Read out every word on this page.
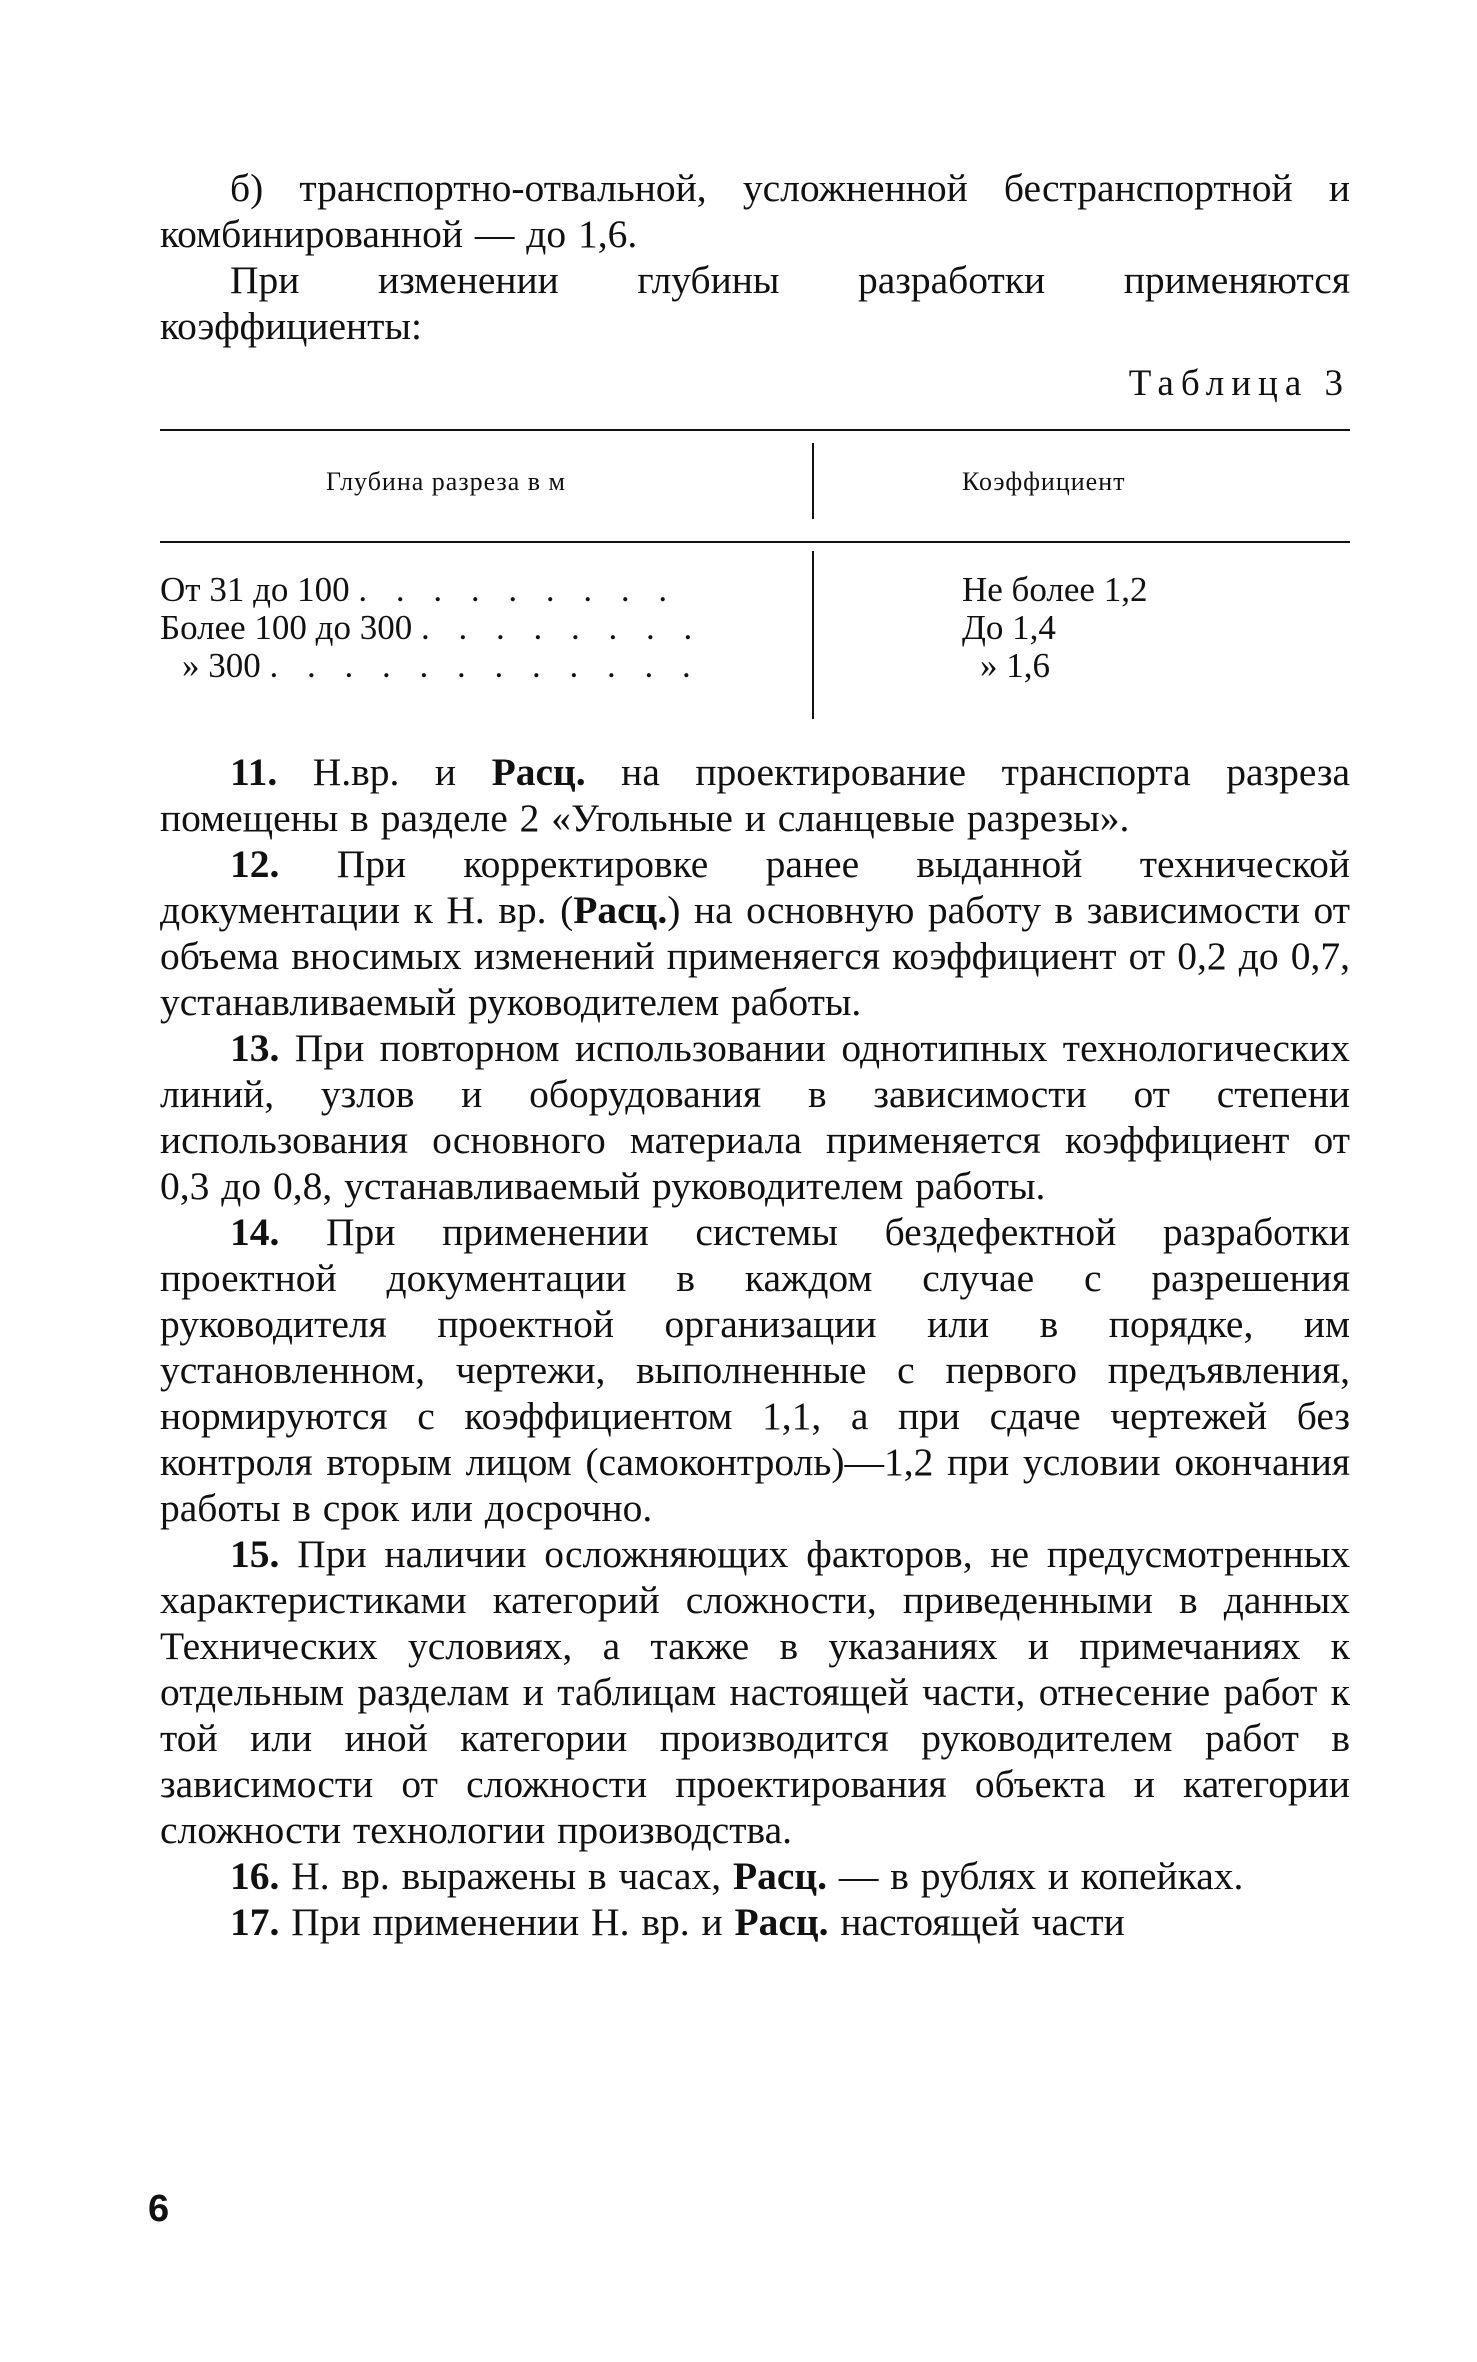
б) транспортно-отвальной, усложненной бестранспортной и комбинированной — до 1,6.

При изменении глубины разработки применяются коэффициенты:

Таблица 3
Глубина разреза в м	Коэффициент
От 31 до 100 . . . . . . . . .	Не более 1,2
Более 100 до 300 . . . . . . . .	До 1,4
» 300 . . . . . . . . . . . .	» 1,6

11. Н.вр. и Расц. на проектирование транспорта разреза помещены в разделе 2 «Угольные и сланцевые разрезы».

12. При корректировке ранее выданной технической документации к Н. вр. (Расц.) на основную работу в зависимости от объема вносимых изменений применяегся коэффициент от 0,2 до 0,7, устанавливаемый руководителем работы.

13. При повторном использовании однотипных технологических линий, узлов и оборудования в зависимости от степени использования основного материала применяется коэффициент от 0,3 до 0,8, устанавливаемый руководителем работы.

14. При применении системы бездефектной разработки проектной документации в каждом случае с разрешения руководителя проектной организации или в порядке, им установленном, чертежи, выполненные с первого предъявления, нормируются с коэффициентом 1,1, а при сдаче чертежей без контроля вторым лицом (самоконтроль)—1,2 при условии окончания работы в срок или досрочно.

15. При наличии осложняющих факторов, не предусмотренных характеристиками категорий сложности, приведенными в данных Технических условиях, а также в указаниях и примечаниях к отдельным разделам и таблицам настоящей части, отнесение работ к той или иной категории производится руководителем работ в зависимости от сложности проектирования объекта и категории сложности технологии производства.

16. Н. вр. выражены в часах, Расц. — в рублях и копейках.

17. При применении Н. вр. и Расц. настоящей части

6
